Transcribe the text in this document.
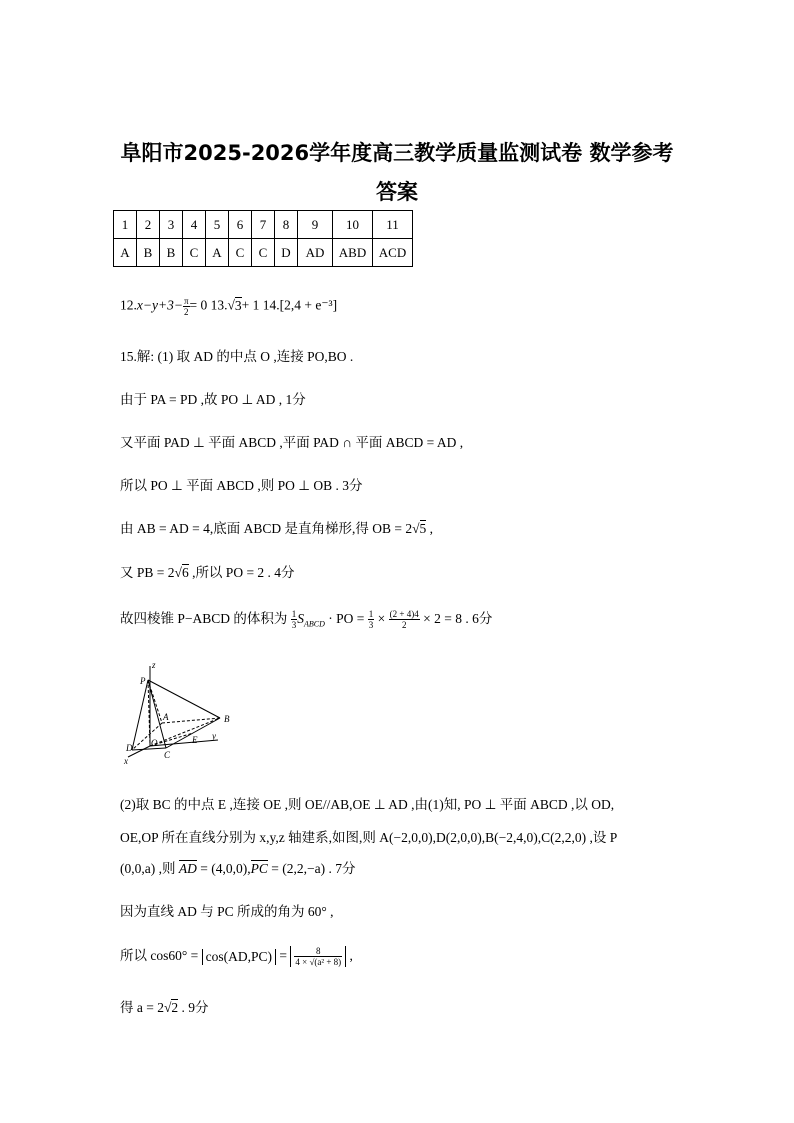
阜阳市2025-2026学年度高三教学质量监测试卷 数学参考
答案
1	2	3	4	5	6	7	8	9	10	11
A	B	B	C	A	C	C	D	AD	ABD	ACD
$12.x-y+3- \frac{\pi}{2} = 0$ 13.√3+ 1 14.[2,4 + e⁻³]
15.解: (1) 取 AD 的中点 O ,连接 PO,BO .
由于 PA = PD ,故 PO ⊥ AD , 1分
又平面 PAD ⊥ 平面 ABCD ,平面 PAD ∩ 平面 ABCD = AD ,
所以 PO ⊥ 平面 ABCD ,则 PO ⊥ OB . 3分
由 AB = AD = 4,底面 ABCD 是直角梯形,得 OB = 2√5 ,
又 PB = 2√6 ,所以 PO = 2 . 4分
故四棱锥 P−ABCD 的体积为 $\frac{1}{3} S_{ABCD}$ · PO = $\frac{1}{3} \times \frac{(2 + 4)4}{2} \times 2 = 8$ . 6分
z
P
A	B
D O
C
E y
x
(2)取 BC 的中点 E ,连接 OE ,则 OE//AB,OE ⊥ AD ,由(1)知, PO ⊥ 平面 ABCD ,以 OD,
OE,OP 所在直线分别为 x,y,z 轴建系,如图,则 A(−2,0,0),D(2,0,0),B(−2,4,0),C(2,2,0) ,设 P
(0,0,a) ,则 AD = (4,0,0),PC = (2,2,−a) . 7分
因为直线 AD 与 PC 所成的角为 60° ,
所以 $\cos 60^\circ = \cos(AD,PC) = \frac{8}{\text{4 × √(a² + 8)}}$ ,
得 a = 2√2 . 9分
